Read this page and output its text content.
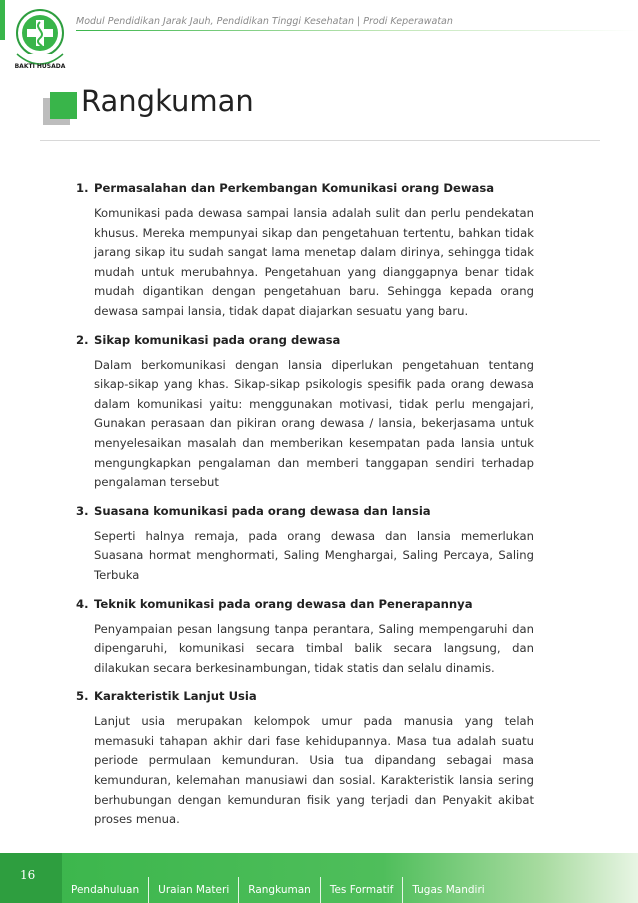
BAKTI HUSADA
Modul Pendidikan Jarak Jauh, Pendidikan Tinggi Kesehatan | Prodi Keperawatan
Rangkuman
1. Permasalahan dan Perkembangan Komunikasi orang Dewasa
Komunikasi pada dewasa sampai lansia adalah sulit dan perlu pendekatan khusus. Mereka mempunyai sikap dan pengetahuan tertentu, bahkan tidak jarang sikap itu sudah sangat lama menetap dalam dirinya, sehingga tidak mudah untuk merubahnya. Pengetahuan yang dianggapnya benar tidak mudah digantikan dengan pengetahuan baru. Sehingga kepada orang dewasa sampai lansia, tidak dapat diajarkan sesuatu yang baru.
2. Sikap komunikasi pada orang dewasa
Dalam berkomunikasi dengan lansia diperlukan pengetahuan tentang sikap-sikap yang khas. Sikap-sikap psikologis spesifik pada orang dewasa dalam komunikasi yaitu: menggunakan motivasi, tidak perlu mengajari, Gunakan perasaan dan pikiran orang dewasa / lansia, bekerjasama untuk menyelesaikan masalah dan memberikan kesempatan pada lansia untuk mengungkapkan pengalaman dan memberi tanggapan sendiri terhadap pengalaman tersebut
3. Suasana komunikasi pada orang dewasa dan lansia
Seperti halnya remaja, pada orang dewasa dan lansia memerlukan Suasana hormat menghormati, Saling Menghargai, Saling Percaya, Saling Terbuka
4. Teknik komunikasi pada orang dewasa dan Penerapannya
Penyampaian pesan langsung tanpa perantara, Saling mempengaruhi dan dipengaruhi, komunikasi secara timbal balik secara langsung, dan dilakukan secara berkesinambungan, tidak statis dan selalu dinamis.
5. Karakteristik Lanjut Usia
Lanjut usia merupakan kelompok umur pada manusia yang telah memasuki tahapan akhir dari fase kehidupannya. Masa tua adalah suatu periode permulaan kemunduran. Usia tua dipandang sebagai masa kemunduran, kelemahan manusiawi dan sosial. Karakteristik lansia sering berhubungan dengan kemunduran fisik yang terjadi dan Penyakit akibat proses menua.
16
Pendahuluan	Uraian Materi	Rangkuman	Tes Formatif	Tugas Mandiri
